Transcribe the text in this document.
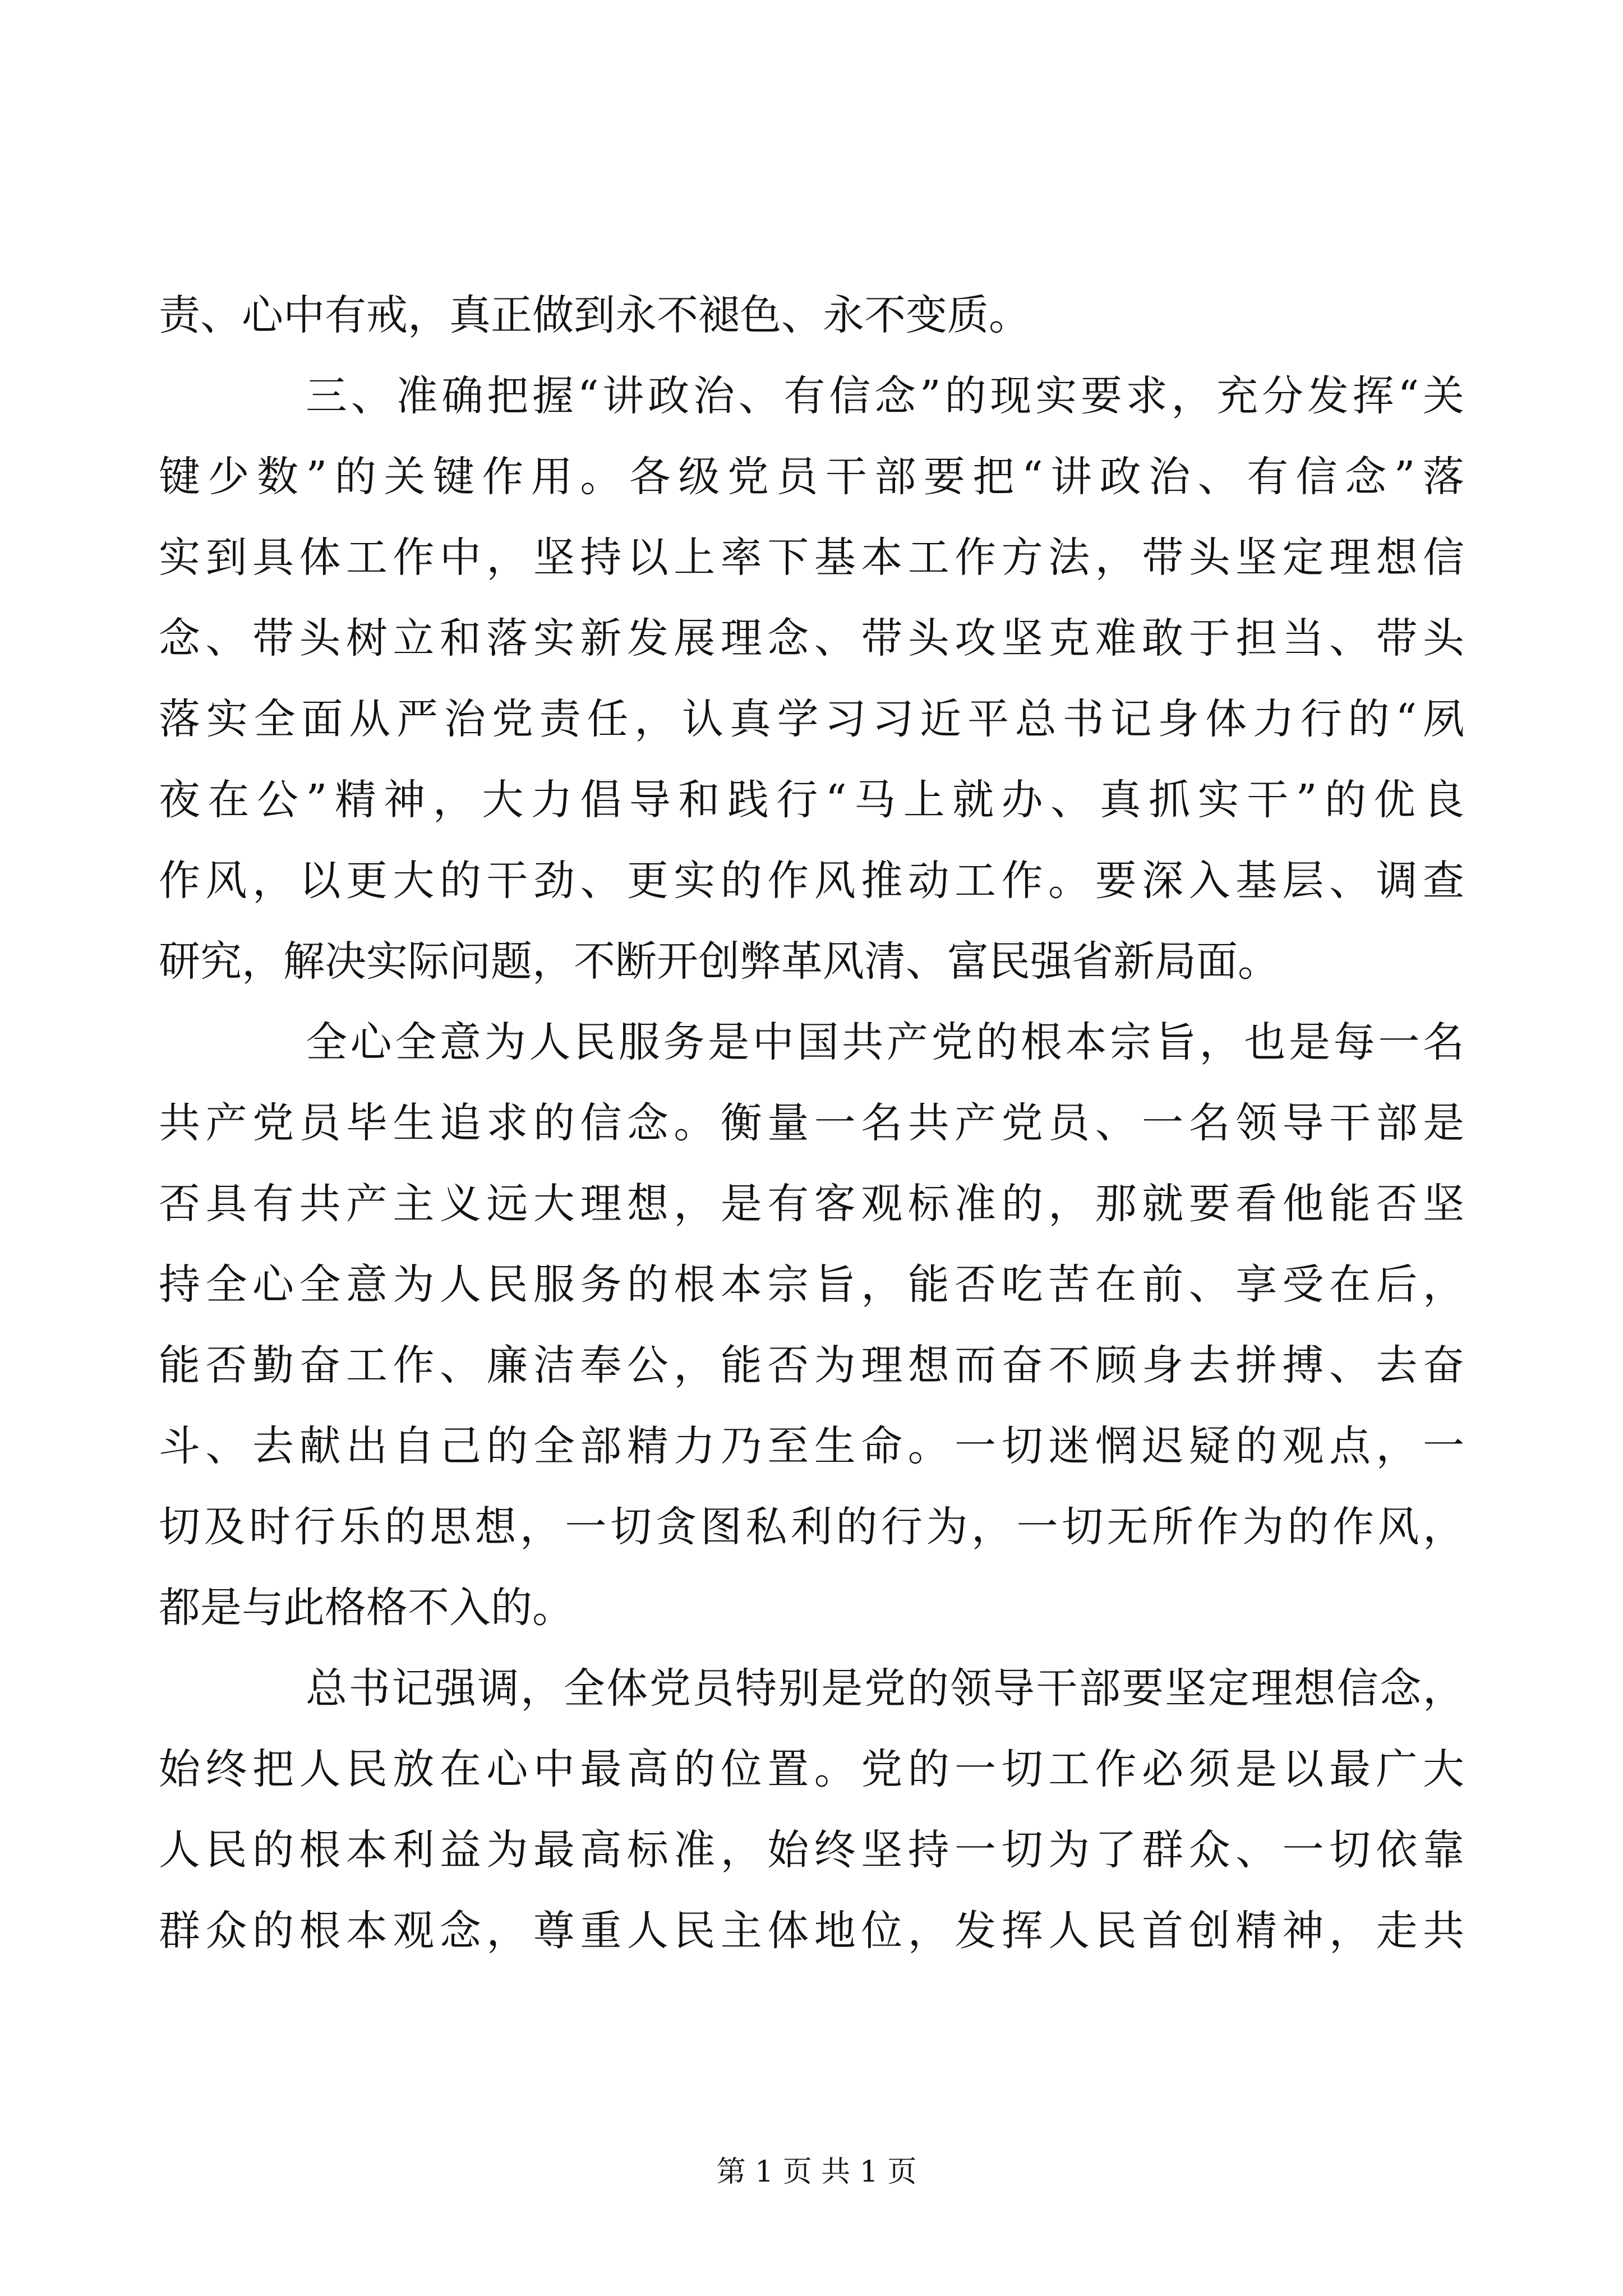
责、心中有戒，真正做到永不褪色、永不变质。
三、准确把握“讲政治、有信念”的现实要求，充分发挥“关
键少数”的关键作用。各级党员干部要把“讲政治、有信念”落
实到具体工作中，坚持以上率下基本工作方法，带头坚定理想信
念、带头树立和落实新发展理念、带头攻坚克难敢于担当、带头
落实全面从严治党责任，认真学习习近平总书记身体力行的“夙
夜在公”精神，大力倡导和践行“马上就办、真抓实干”的优良
作风，以更大的干劲、更实的作风推动工作。要深入基层、调查
研究，解决实际问题，不断开创弊革风清、富民强省新局面。
全心全意为人民服务是中国共产党的根本宗旨，也是每一名
共产党员毕生追求的信念。衡量一名共产党员、一名领导干部是
否具有共产主义远大理想，是有客观标准的，那就要看他能否坚
持全心全意为人民服务的根本宗旨，能否吃苦在前、享受在后，
能否勤奋工作、廉洁奉公，能否为理想而奋不顾身去拼搏、去奋
斗、去献出自己的全部精力乃至生命。一切迷惘迟疑的观点，一
切及时行乐的思想，一切贪图私利的行为，一切无所作为的作风，
都是与此格格不入的。
总书记强调，全体党员特别是党的领导干部要坚定理想信念，
始终把人民放在心中最高的位置。党的一切工作必须是以最广大
人民的根本利益为最高标准，始终坚持一切为了群众、一切依靠
群众的根本观念，尊重人民主体地位，发挥人民首创精神，走共
第 1 页 共 1 页
